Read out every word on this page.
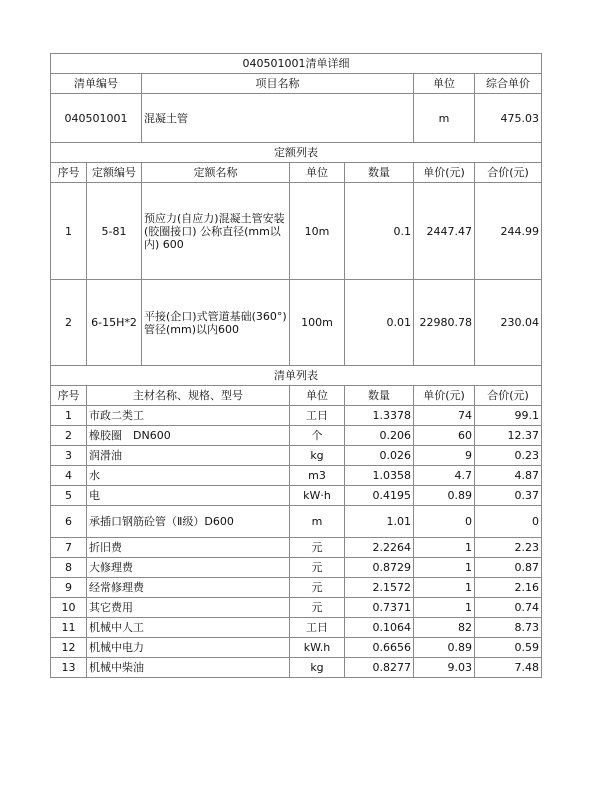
040501001清单详细						
清单编号		项目名称			单位	综合单价
040501001		混凝土管			m	475.03
定额列表						
序号	定额编号	定额名称	单位	数量	单价(元)	合价(元)
1	5-81	预应力(自应力)混凝土管安装(胶圈接口) 公称直径(mm以内) 600	10m	0.1	2447.47	244.99
2	6-15H*2	平接(企口)式管道基础(360°) 管径(mm)以内600	100m	0.01	22980.78	230.04
清单列表						
序号	主材名称、规格、型号		单位	数量	单价(元)	合价(元)
1	市政二类工		工日	1.3378	74	99.1
2	橡胶圈　DN600		个	0.206	60	12.37
3	润滑油		kg	0.026	9	0.23
4	水		m3	1.0358	4.7	4.87
5	电		kW·h	0.4195	0.89	0.37
6	承插口钢筋砼管（Ⅱ级）D600		m	1.01	0	0
7	折旧费		元	2.2264	1	2.23
8	大修理费		元	0.8729	1	0.87
9	经常修理费		元	2.1572	1	2.16
10	其它费用		元	0.7371	1	0.74
11	机械中人工		工日	0.1064	82	8.73
12	机械中电力		kW.h	0.6656	0.89	0.59
13	机械中柴油		kg	0.8277	9.03	7.48
